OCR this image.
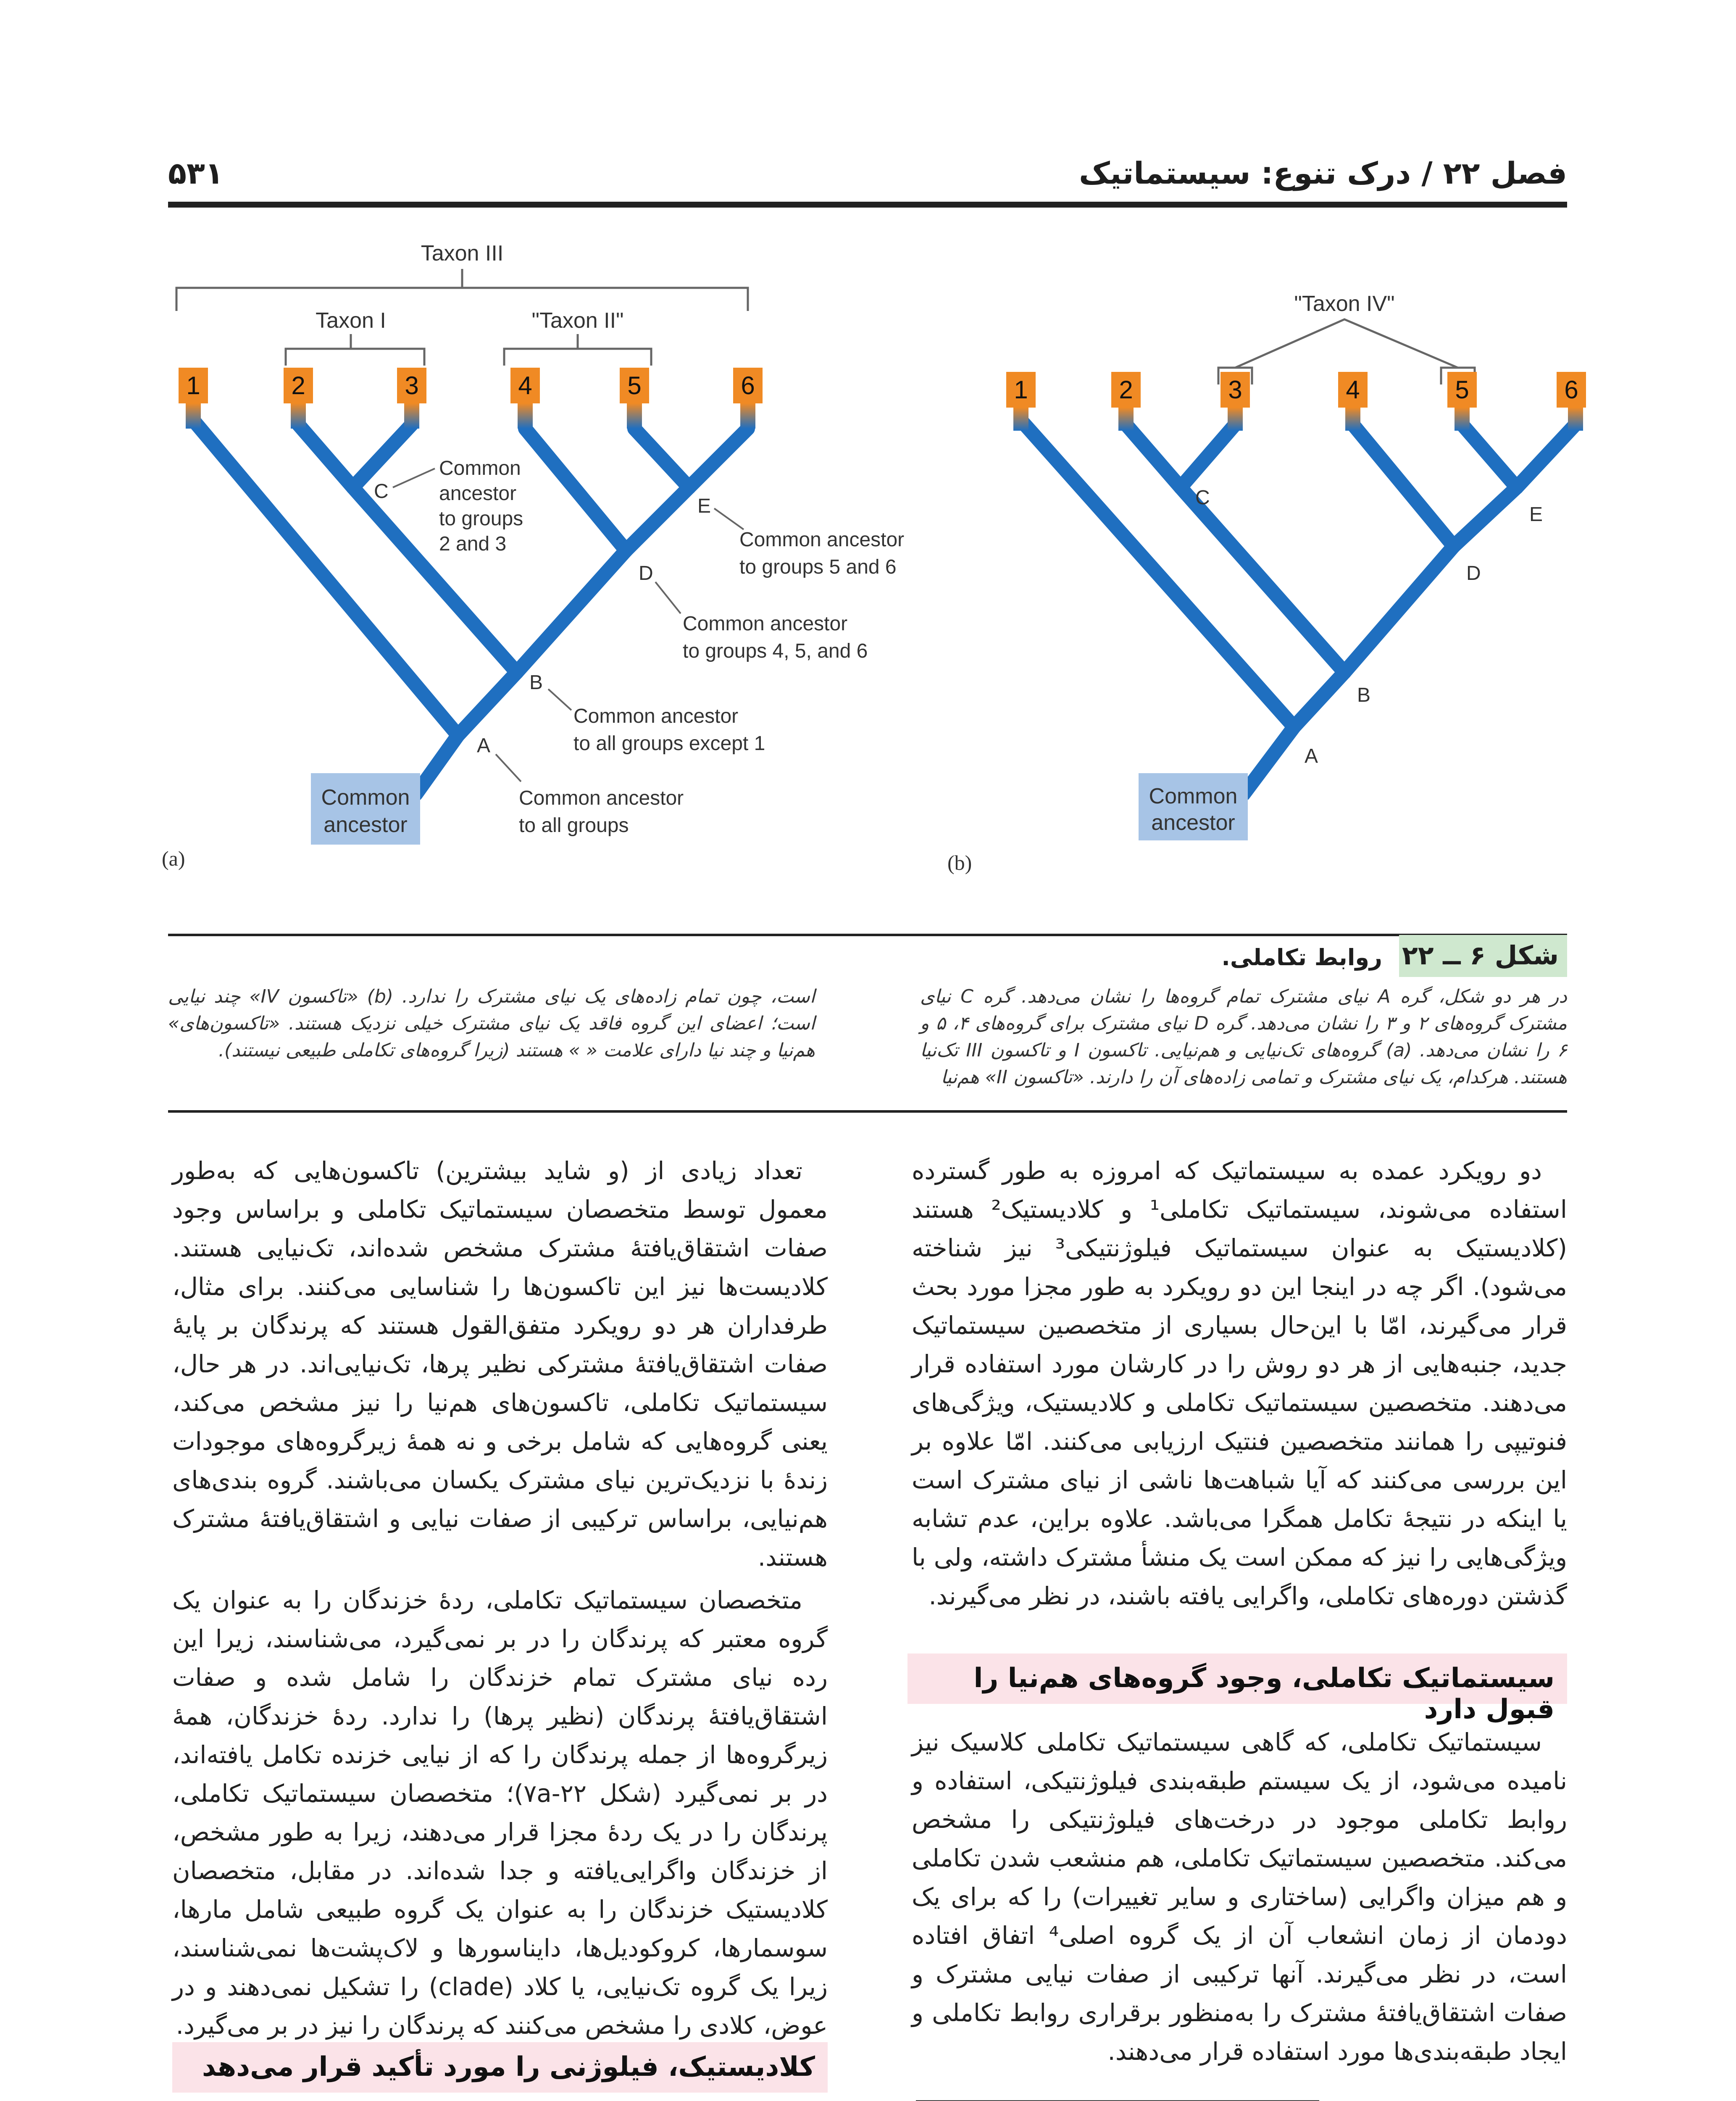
۵۳۱	فصل ۲۲ / درک تنوع: سیستماتیک
Taxon III
Taxon I	"Taxon II"
1	2	3	4	5	6
Common
ancestor
A
B
C
D
E
Common
ancestor
to groups
2 and 3	Common ancestor
to groups 5 and 6
Common ancestor
to groups 4, 5, and 6
Common ancestor
to all groups except 1
Common ancestor
to all groups
(a)
"Taxon IV"
1	2	3	4	5	6
Common
ancestor
A
B
C
D
E
(b)
شکل ۶ ــ ۲۲
روابط تکاملی.
در هر دو شکل، گره A نیای مشترک تمام گروه‌ها را نشان می‌دهد. گره C نیای مشترک گروه‌های ۲ و ۳ را نشان می‌دهد. گره D نیای مشترک برای گروه‌های ۴، ۵ و ۶ را نشان می‌دهد. (a) گروه‌های تک‌نیایی و هم‌نیایی. تاکسون I و تاکسون III تک‌نیا هستند. هرکدام، یک نیای مشترک و تمامی زاده‌های آن را دارند. «تاکسون II» هم‌نیا
است، چون تمام زاده‌های یک نیای مشترک را ندارد. (b) «تاکسون IV» چند نیایی است؛ اعضای این گروه فاقد یک نیای مشترک خیلی نزدیک هستند. «تاکسون‌های» هم‌نیا و چند نیا دارای علامت « » هستند (زیرا گروه‌های تکاملی طبیعی نیستند).

دو رویکرد عمده به سیستماتیک که امروزه به طور گسترده استفاده می‌شوند، سیستماتیک تکاملی¹ و کلادیستیک² هستند (کلادیستیک به عنوان سیستماتیک فیلوژنتیکی³ نیز شناخته می‌شود). اگر چه در اینجا این دو رویکرد به طور مجزا مورد بحث قرار می‌گیرند، امّا با این‌حال بسیاری از متخصصین سیستماتیک جدید، جنبه‌هایی از هر دو روش را در کارشان مورد استفاده قرار می‌دهند. متخصصین سیستماتیک تکاملی و کلادیستیک، ویژگی‌های فنوتیپی را همانند متخصصین فنتیک ارزیابی می‌کنند. امّا علاوه بر این بررسی می‌کنند که آیا شباهت‌ها ناشی از نیای مشترک است یا اینکه در نتیجهٔ تکامل همگرا می‌باشد. علاوه براین، عدم تشابه ویژگی‌هایی را نیز که ممکن است یک منشأ مشترک داشته، ولی با گذشتن دوره‌های تکاملی، واگرایی یافته باشند، در نظر می‌گیرند.

سیستماتیک تکاملی، وجود گروه‌های هم‌نیا را قبول دارد

سیستماتیک تکاملی، که گاهی سیستماتیک تکاملی کلاسیک نیز نامیده می‌شود، از یک سیستم طبقه‌بندی فیلوژنتیکی، استفاده و روابط تکاملی موجود در درخت‌های فیلوژنتیکی را مشخص می‌کند. متخصصین سیستماتیک تکاملی، هم منشعب شدن تکاملی و هم میزان واگرایی (ساختاری و سایر تغییرات) را که برای یک دودمان از زمان انشعاب آن از یک گروه اصلی⁴ اتفاق افتاده است، در نظر می‌گیرند. آنها ترکیبی از صفات نیایی مشترک و صفات اشتقاق‌یافتهٔ مشترک را به‌منظور برقراری روابط تکاملی و ایجاد طبقه‌بندی‌ها مورد استفاده قرار می‌دهند.

تعداد زیادی از (و شاید بیشترین) تاکسون‌هایی که به‌طور معمول توسط متخصصان سیستماتیک تکاملی و براساس وجود صفات اشتقاق‌یافتهٔ مشترک مشخص شده‌اند، تک‌نیایی هستند. کلادیست‌ها نیز این تاکسون‌ها را شناسایی می‌کنند. برای مثال، طرفداران هر دو رویکرد متفق‌القول هستند که پرندگان بر پایهٔ صفات اشتقاق‌یافتهٔ مشترکی نظیر پرها، تک‌نیایی‌اند. در هر حال، سیستماتیک تکاملی، تاکسون‌های هم‌نیا را نیز مشخص می‌کند، یعنی گروه‌هایی که شامل برخی و نه همهٔ زیرگروه‌های موجودات زندهٔ با نزدیک‌ترین نیای مشترک یکسان می‌باشند. گروه بندی‌های هم‌نیایی، براساس ترکیبی از صفات نیایی و اشتقاق‌یافتهٔ مشترک هستند.

متخصصان سیستماتیک تکاملی، ردهٔ خزندگان را به عنوان یک گروه معتبر که پرندگان را در بر نمی‌گیرد، می‌شناسند، زیرا این رده نیای مشترک تمام خزندگان را شامل شده و صفات اشتقاق‌یافتهٔ پرندگان (نظیر پرها) را ندارد. ردهٔ خزندگان، همهٔ زیرگروه‌ها از جمله پرندگان را که از نیایی خزنده تکامل یافته‌اند، در بر نمی‌گیرد (شکل ۲۲-۷a)؛ متخصصان سیستماتیک تکاملی، پرندگان را در یک ردهٔ مجزا قرار می‌دهند، زیرا به طور مشخص، از خزندگان واگرایی‌یافته و جدا شده‌اند. در مقابل، متخصصان کلادیستیک خزندگان را به عنوان یک گروه طبیعی شامل مارها، سوسمارها، کروکودیل‌ها، دایناسورها و لاک‌پشت‌ها نمی‌شناسند، زیرا یک گروه تک‌نیایی، یا کلاد (clade) را تشکیل نمی‌دهند و در عوض، کلادی را مشخص می‌کنند که پرندگان را نیز در بر می‌گیرد.

کلادیستیک، فیلوژنی را مورد تأکید قرار می‌دهد
